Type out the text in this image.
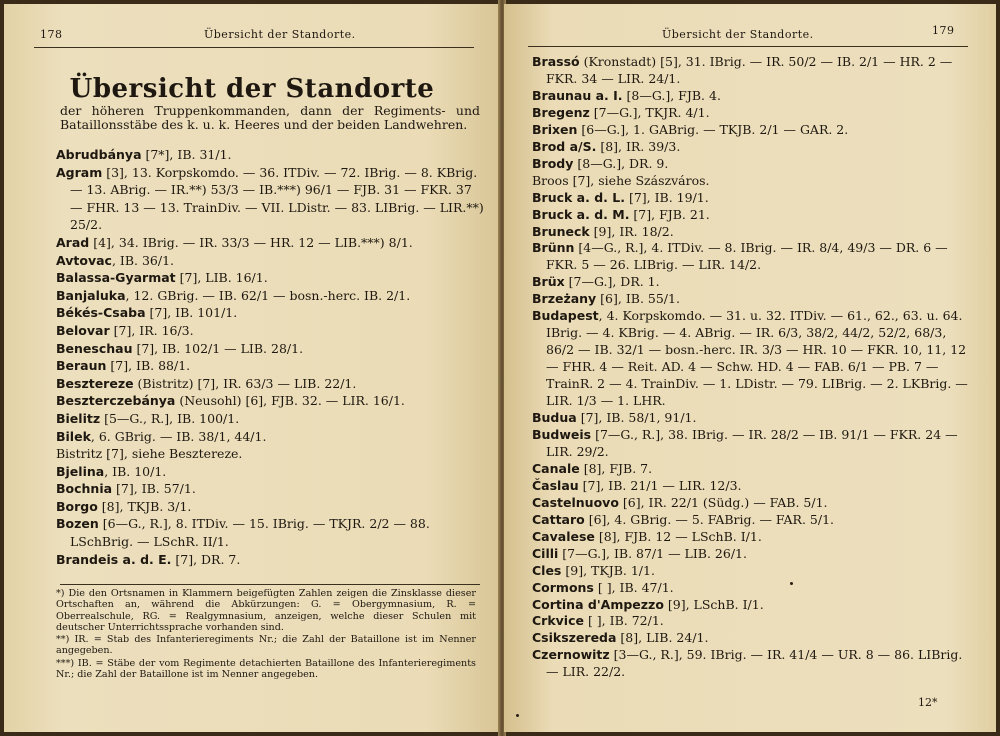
178	Übersicht der Standorte.
Übersicht der Standorte
der höheren Truppenkommanden, dann der Regiments- und Bataillonsstäbe des k. u. k. Heeres und der beiden Landwehren.

Abrudbánya [7*], IB. 31/1.

Agram [3], 13. Korpskomdo. — 36. ITDiv. — 72. IBrig. — 8. KBrig. — 13. ABrig. — IR.**) 53/3 — IB.***) 96/1 — FJB. 31 — FKR. 37 — FHR. 13 — 13. TrainDiv. — VII. LDistr. — 83. LIBrig. — LIR.**) 25/2.

Arad [4], 34. IBrig. — IR. 33/3 — HR. 12 — LIB.***) 8/1.

Avtovac, IB. 36/1.

Balassa-Gyarmat [7], LIB. 16/1.

Banjaluka, 12. GBrig. — IB. 62/1 — bosn.-herc. IB. 2/1.

Békés-Csaba [7], IB. 101/1.

Belovar [7], IR. 16/3.

Beneschau [7], IB. 102/1 — LIB. 28/1.

Beraun [7], IB. 88/1.

Besztereze (Bistritz) [7], IR. 63/3 — LIB. 22/1.

Beszterczebánya (Neusohl) [6], FJB. 32. — LIR. 16/1.

Bielitz [5—G., R.], IB. 100/1.

Bilek, 6. GBrig. — IB. 38/1, 44/1.

Bistritz [7], siehe Besztereze.

Bjelina, IB. 10/1.

Bochnia [7], IB. 57/1.

Borgo [8], TKJB. 3/1.

Bozen [6—G., R.], 8. ITDiv. — 15. IBrig. — TKJR. 2/2 — 88. LSchBrig. — LSchR. II/1.

Brandeis a. d. E. [7], DR. 7.

*) Die den Ortsnamen in Klammern beigefügten Zahlen zeigen die Zinsklasse dieser Ortschaften an, während die Abkürzungen: G. = Obergymnasium, R. = Oberrealschule, RG. = Realgymnasium, anzeigen, welche dieser Schulen mit deutscher Unterrichtssprache vorhanden sind.

**) IR. = Stab des Infanterieregiments Nr.; die Zahl der Bataillone ist im Nenner angegeben.

***) IB. = Stäbe der vom Regimente detachierten Bataillone des Infanterieregiments Nr.; die Zahl der Bataillone ist im Nenner angegeben.

Übersicht der Standorte.	179

Brassó (Kronstadt) [5], 31. IBrig. — IR. 50/2 — IB. 2/1 — HR. 2 — FKR. 34 — LIR. 24/1.

Braunau a. I. [8—G.], FJB. 4.

Bregenz [7—G.], TKJR. 4/1.

Brixen [6—G.], 1. GABrig. — TKJB. 2/1 — GAR. 2.

Brod a/S. [8], IR. 39/3.

Brody [8—G.], DR. 9.

Broos [7], siehe Szászváros.

Bruck a. d. L. [7], IB. 19/1.

Bruck a. d. M. [7], FJB. 21.

Bruneck [9], IR. 18/2.

Brünn [4—G., R.], 4. ITDiv. — 8. IBrig. — IR. 8/4, 49/3 — DR. 6 — FKR. 5 — 26. LIBrig. — LIR. 14/2.

Brüx [7—G.], DR. 1.

Brzeżany [6], IB. 55/1.

Budapest, 4. Korpskomdo. — 31. u. 32. ITDiv. — 61., 62., 63. u. 64. IBrig. — 4. KBrig. — 4. ABrig. — IR. 6/3, 38/2, 44/2, 52/2, 68/3, 86/2 — IB. 32/1 — bosn.-herc. IR. 3/3 — HR. 10 — FKR. 10, 11, 12 — FHR. 4 — Reit. AD. 4 — Schw. HD. 4 — FAB. 6/1 — PB. 7 — TrainR. 2 — 4. TrainDiv. — 1. LDistr. — 79. LIBrig. — 2. LKBrig. — LIR. 1/3 — 1. LHR.

Budua [7], IB. 58/1, 91/1.

Budweis [7—G., R.], 38. IBrig. — IR. 28/2 — IB. 91/1 — FKR. 24 — LIR. 29/2.

Canale [8], FJB. 7.

Časlau [7], IB. 21/1 — LIR. 12/3.

Castelnuovo [6], IR. 22/1 (Südg.) — FAB. 5/1.

Cattaro [6], 4. GBrig. — 5. FABrig. — FAR. 5/1.

Cavalese [8], FJB. 12 — LSchB. I/1.

Cilli [7—G.], IB. 87/1 — LIB. 26/1.

Cles [9], TKJB. 1/1.

Cormons [ ], IB. 47/1.

Cortina d'Ampezzo [9], LSchB. I/1.

Crkvice [ ], IB. 72/1.

Csikszereda [8], LIB. 24/1.

Czernowitz [3—G., R.], 59. IBrig. — IR. 41/4 — UR. 8 — 86. LIBrig. — LIR. 22/2.

12*
